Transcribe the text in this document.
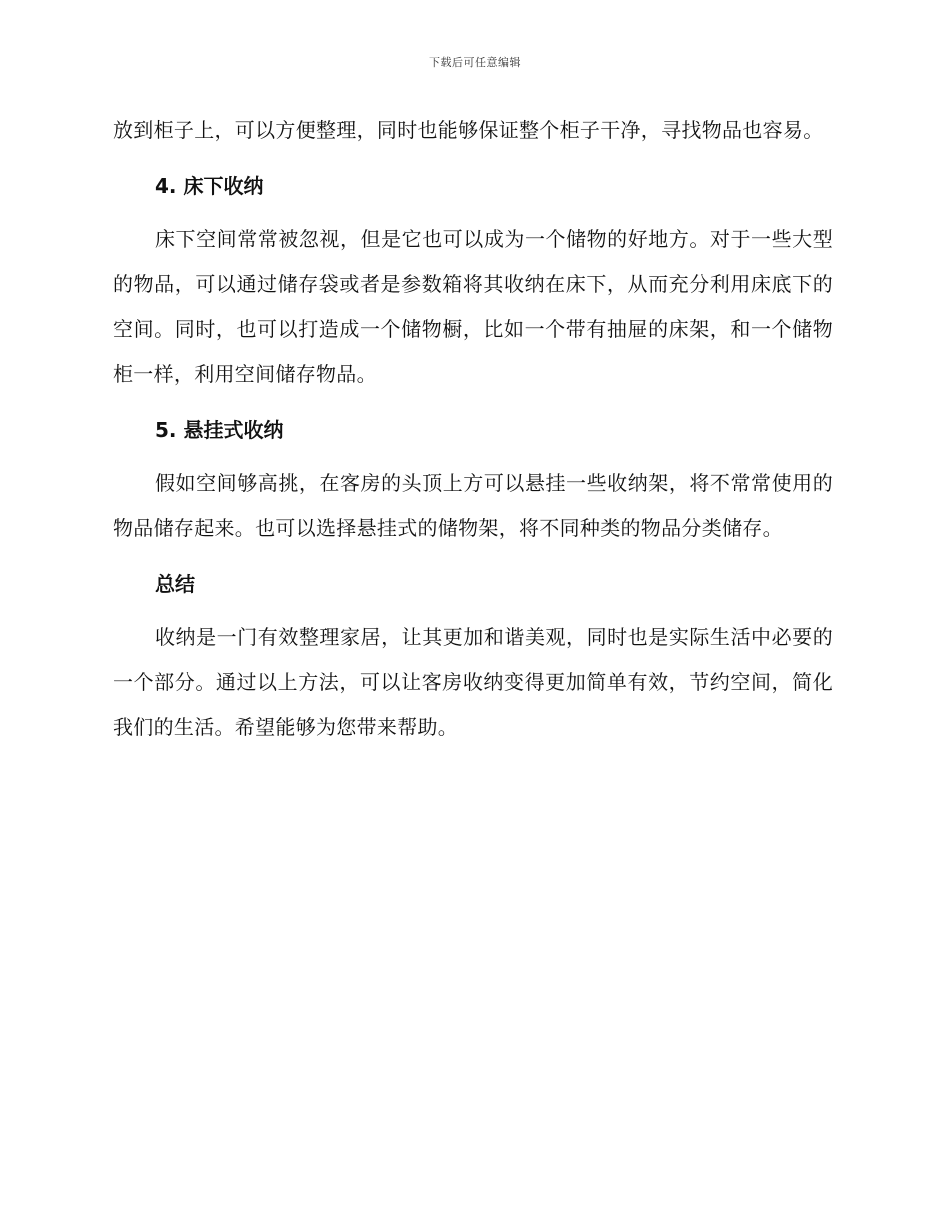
下载后可任意编辑

放到柜子上，可以方便整理，同时也能够保证整个柜子干净，寻找物品也容易。

4. 床下收纳

床下空间常常被忽视，但是它也可以成为一个储物的好地方。对于一些大型的物品，可以通过储存袋或者是参数箱将其收纳在床下，从而充分利用床底下的空间。同时，也可以打造成一个储物橱，比如一个带有抽屉的床架，和一个储物柜一样，利用空间储存物品。

5. 悬挂式收纳

假如空间够高挑，在客房的头顶上方可以悬挂一些收纳架，将不常常使用的物品储存起来。也可以选择悬挂式的储物架，将不同种类的物品分类储存。

总结

收纳是一门有效整理家居，让其更加和谐美观，同时也是实际生活中必要的一个部分。通过以上方法，可以让客房收纳变得更加简单有效，节约空间，简化我们的生活。希望能够为您带来帮助。
